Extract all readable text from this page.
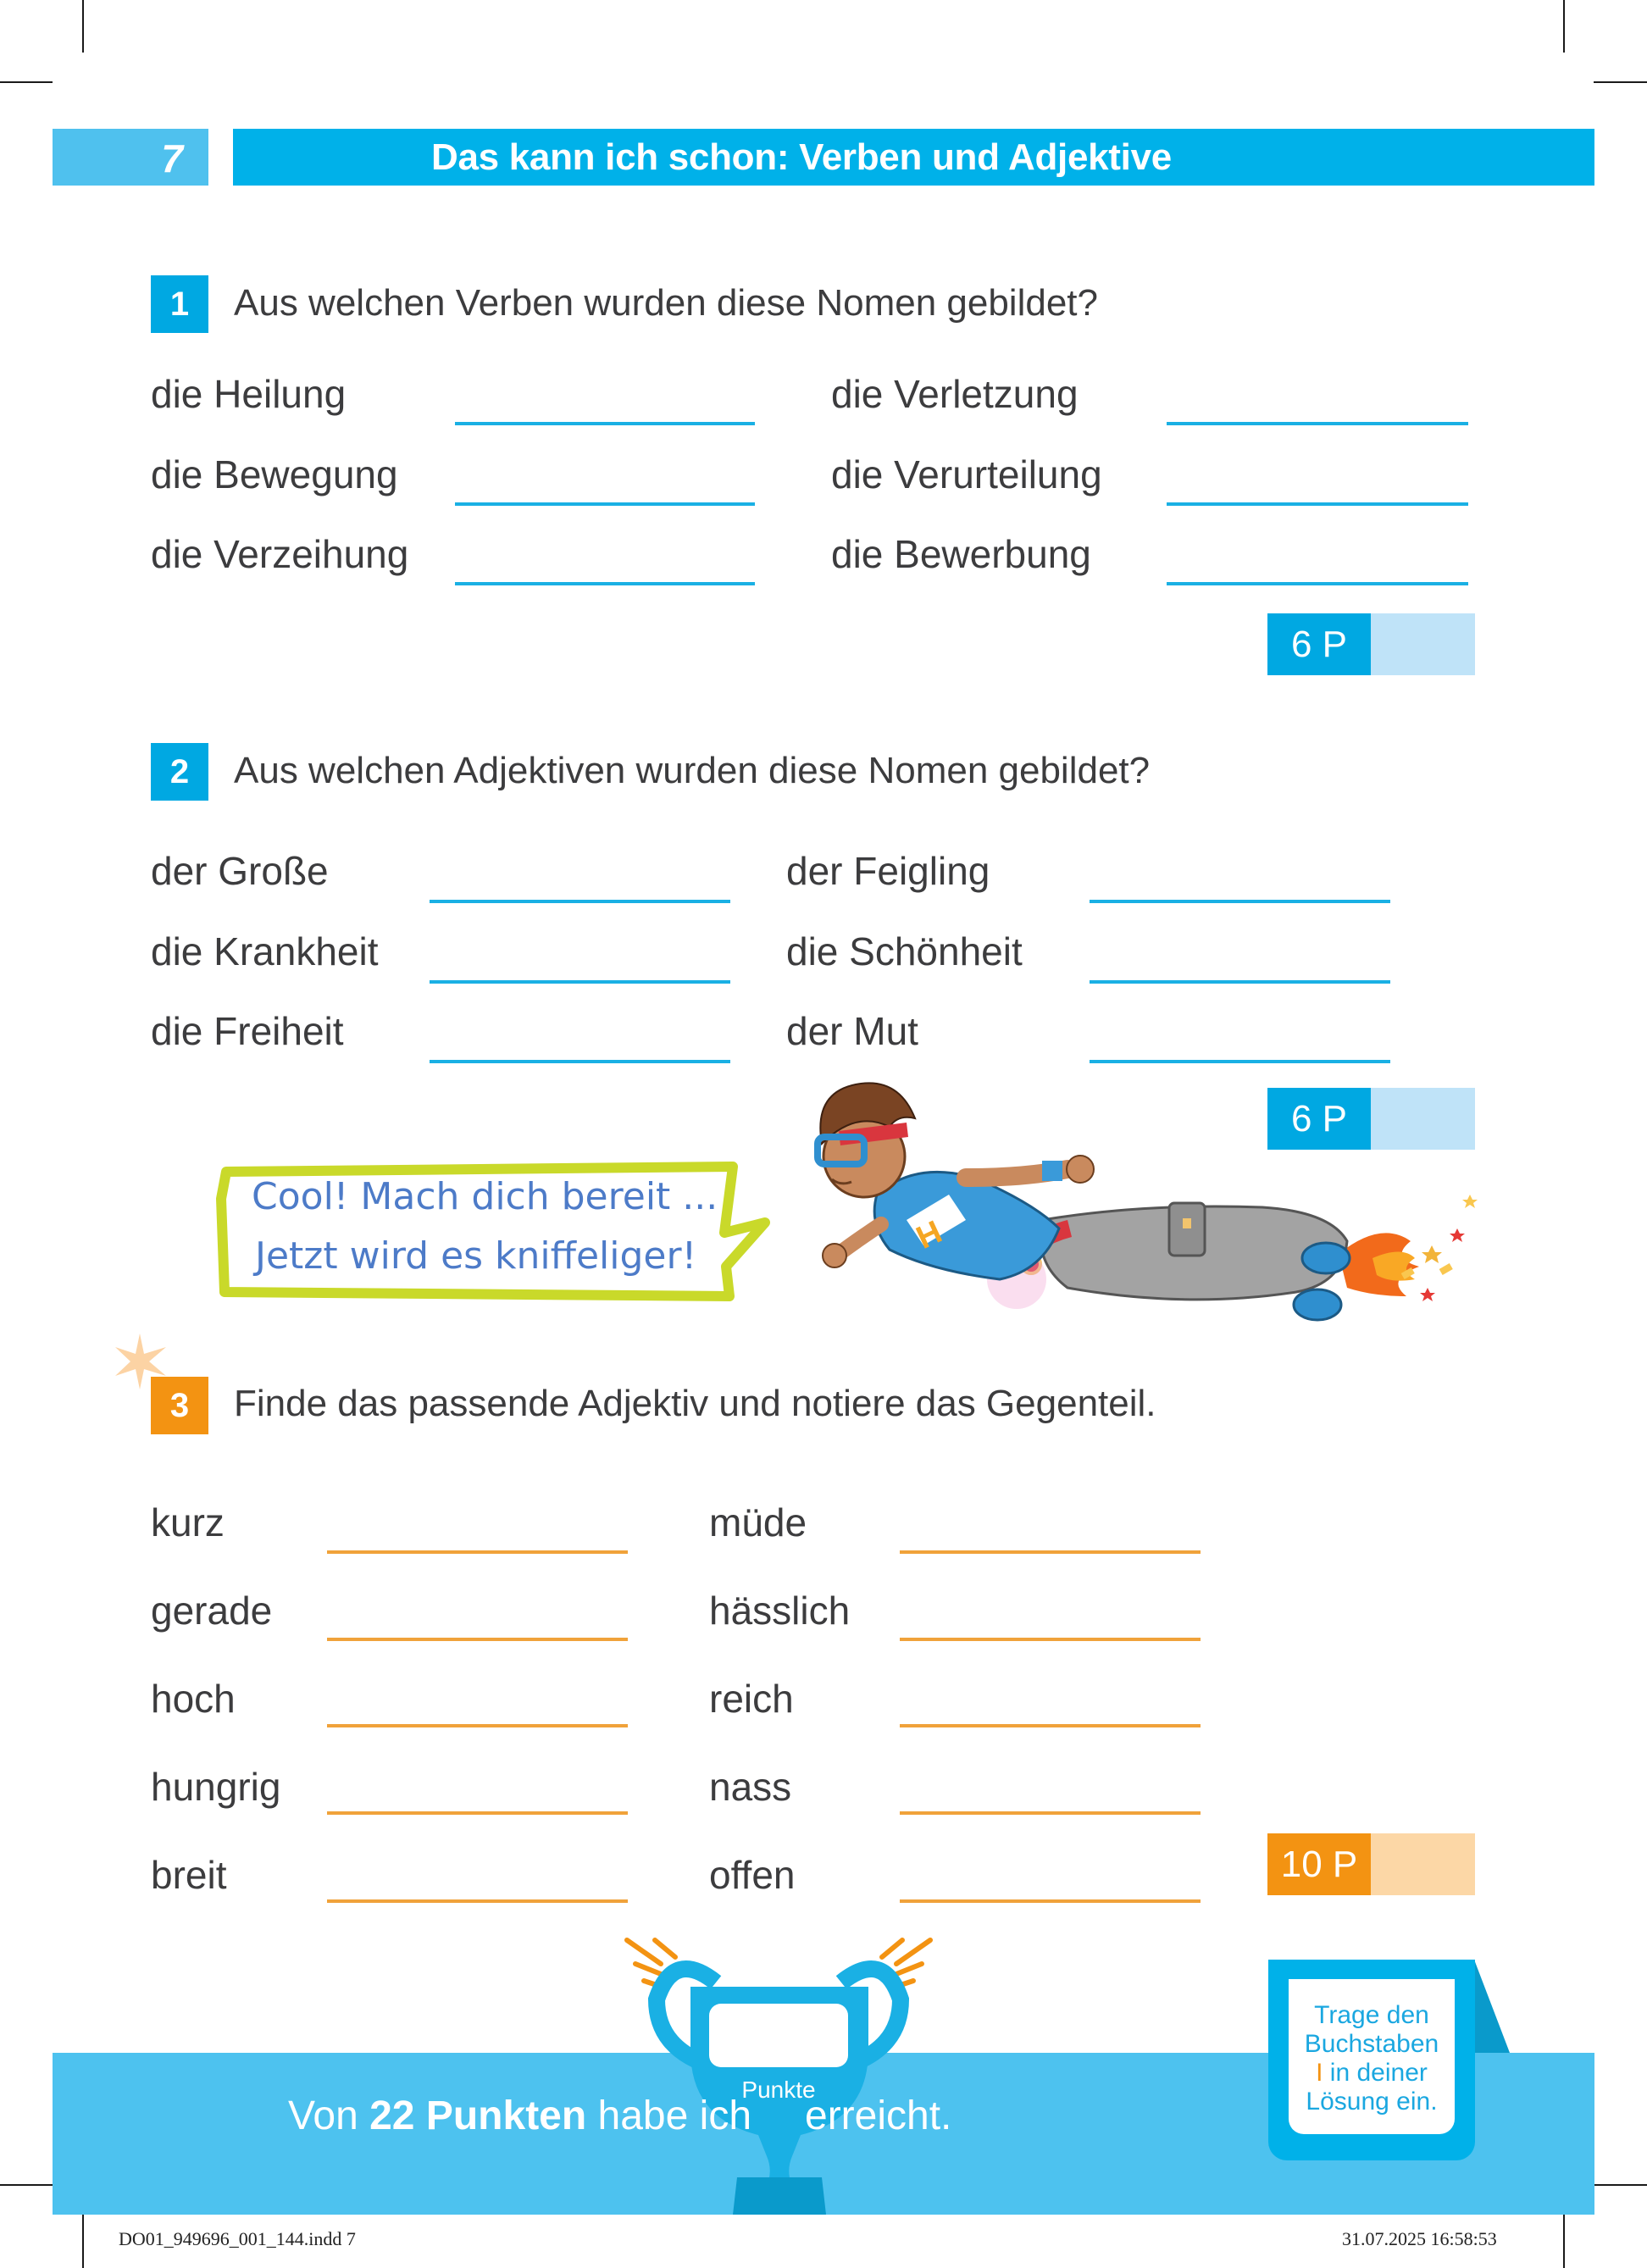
7	Das kann ich schon: Verben und Adjektive
1	Aus welchen Verben wurden diese Nomen gebildet?
die Heilung	die Verletzung
die Bewegung	die Verurteilung
die Verzeihung	die Bewerbung
6 P
2	Aus welchen Adjektiven wurden diese Nomen gebildet?
der Große	der Feigling
die Krankheit	die Schönheit
die Freiheit	der Mut
6 P
Cool! Mach dich bereit ...
Jetzt wird es kniffeliger!	H
3	Finde das passende Adjektiv und notiere das Gegenteil.
kurz	müde
gerade	hässlich
hoch	reich
hungrig	nass
breit	offen	10 P
Punkte
Von 22 Punkten habe ich erreicht.
Trage den
Buchstaben
I in deiner
Lösung ein.
DO01_949696_001_144.indd 7	31.07.2025 16:58:53
